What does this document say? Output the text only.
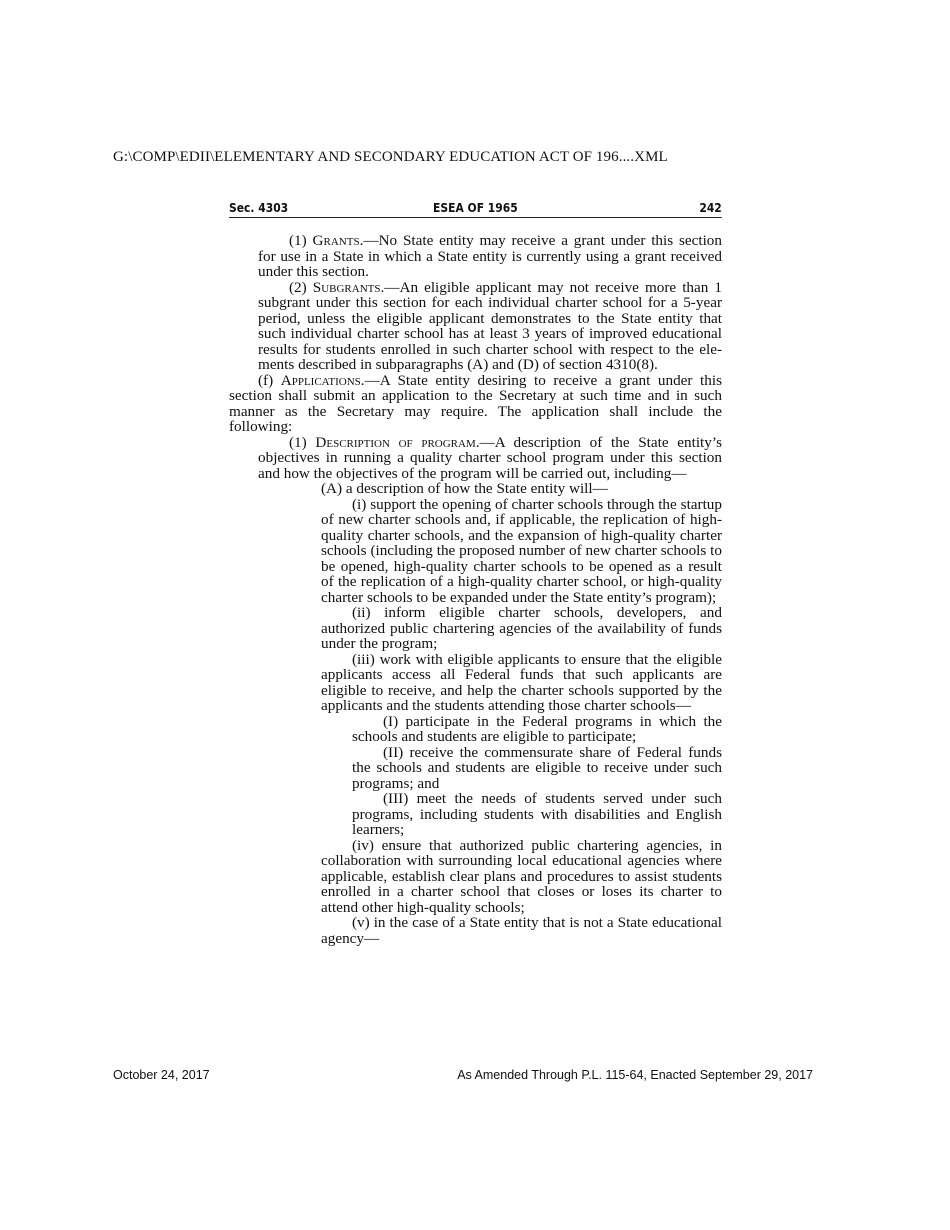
G:\COMP\EDII\ELEMENTARY AND SECONDARY EDUCATION ACT OF 196....XML
Sec. 4303	ESEA OF 1965	242

(1) Grants.—No State entity may receive a grant under this section for use in a State in which a State entity is currently using a grant received under this section.

(2) Subgrants.—An eligible applicant may not receive more than 1 subgrant under this section for each individual charter school for a 5-year period, unless the eligible applicant demonstrates to the State entity that such individual charter school has at least 3 years of improved educational results for students enrolled in such charter school with respect to the elements described in subparagraphs (A) and (D) of section 4310(8).

(f) Applications.—A State entity desiring to receive a grant under this section shall submit an application to the Secretary at such time and in such manner as the Secretary may require. The application shall include the following:

(1) Description of program.—A description of the State entity’s objectives in running a quality charter school program under this section and how the objectives of the program will be carried out, including—

(A) a description of how the State entity will—

(i) support the opening of charter schools through the startup of new charter schools and, if applicable, the replication of high-quality charter schools, and the expansion of high-quality charter schools (including the proposed number of new charter schools to be opened, high-quality charter schools to be opened as a result of the replication of a high-quality charter school, or high-quality charter schools to be expanded under the State entity’s program);

(ii) inform eligible charter schools, developers, and authorized public chartering agencies of the availability of funds under the program;

(iii) work with eligible applicants to ensure that the eligible applicants access all Federal funds that such applicants are eligible to receive, and help the charter schools supported by the applicants and the students attending those charter schools—

(I) participate in the Federal programs in which the schools and students are eligible to participate;

(II) receive the commensurate share of Federal funds the schools and students are eligible to receive under such programs; and

(III) meet the needs of students served under such programs, including students with disabilities and English learners;

(iv) ensure that authorized public chartering agencies, in collaboration with surrounding local educational agencies where applicable, establish clear plans and procedures to assist students enrolled in a charter school that closes or loses its charter to attend other high-quality schools;

(v) in the case of a State entity that is not a State educational agency—

October 24, 2017	As Amended Through P.L. 115-64, Enacted September 29, 2017
